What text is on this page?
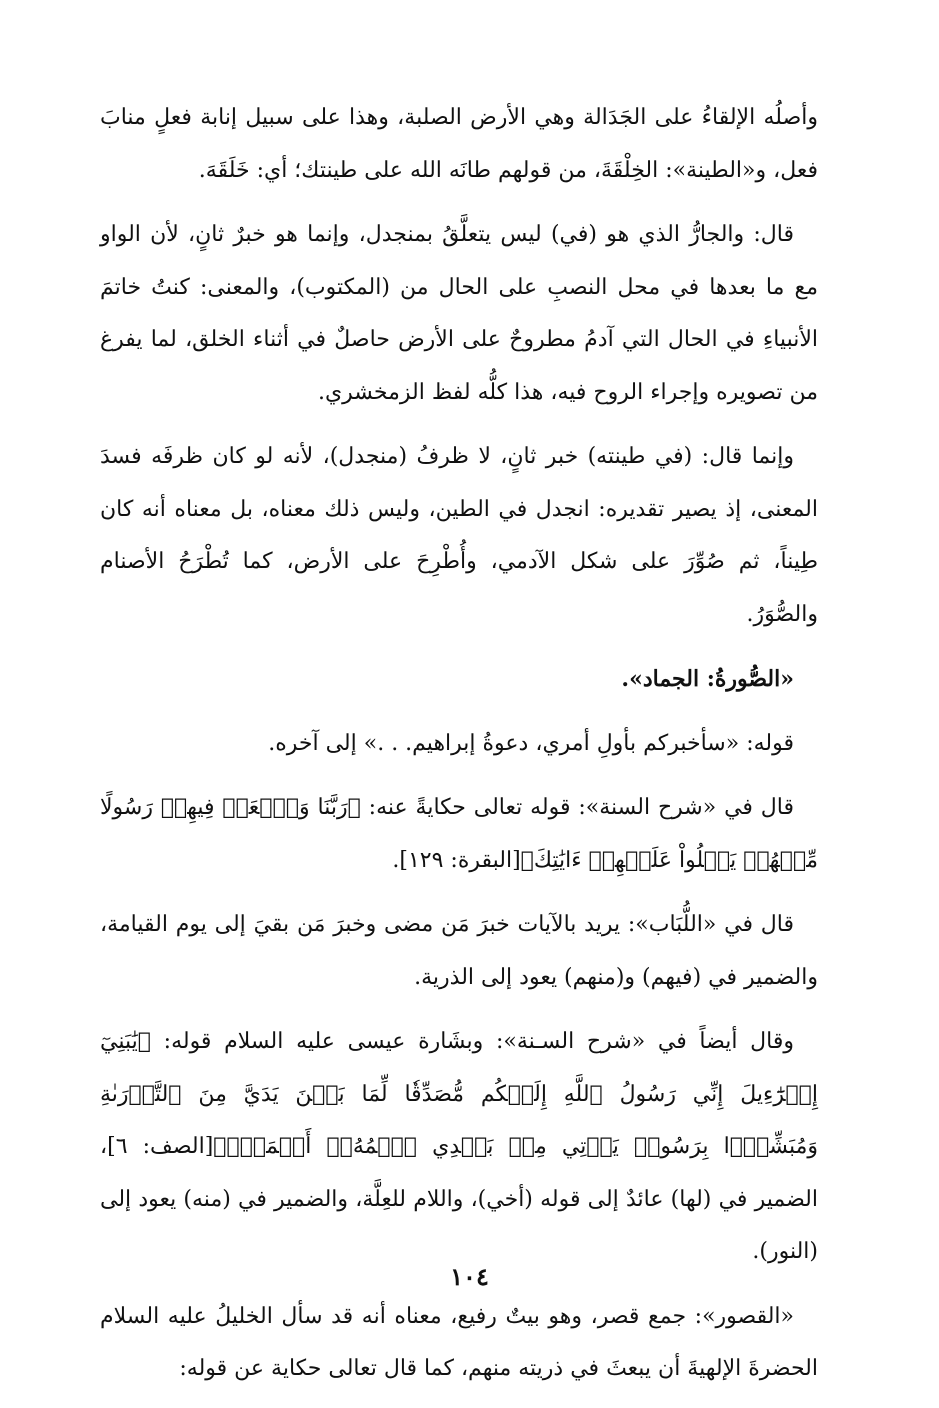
وأصلُه الإلقاءُ على الجَدَالة وهي الأرض الصلبة، وهذا على سبيل إنابة فعلٍ منابَ فعل، و«الطينة»: الخِلْقَةَ، من قولهم طانَه الله على طينتك؛ أي: خَلَقَهَ.

قال: والجارُّ الذي هو (في) ليس يتعلَّقُ بمنجدل، وإنما هو خبرٌ ثانٍ، لأن الواو مع ما بعدها في محل النصبِ على الحال من (المكتوب)، والمعنى: كنتُ خاتمَ الأنبياءِ في الحال التي آدمُ مطروحٌ على الأرض حاصلٌ في أثناء الخلق، لما يفرغ من تصويره وإجراء الروح فيه، هذا كلُّه لفظ الزمخشري.

وإنما قال: (في طينته) خبر ثانٍ، لا ظرفُ (منجدل)، لأنه لو كان ظرفَه فسدَ المعنى، إذ يصير تقديره: انجدل في الطين، وليس ذلك معناه، بل معناه أنه كان طِيناً، ثم صُوِّرَ على شكل الآدمي، وأُطْرِحَ على الأرض، كما تُطْرَحُ الأصنام والصُّوَرُ.

«الصُّورةُ: الجماد».

قوله: «سأخبركم بأولِ أمري، دعوةُ إبراهيم. . .» إلى آخره.

قال في «شرح السنة»: قوله تعالى حكايةً عنه: ﴿رَبَّنَا وَٱبۡعَثۡ فِيهِمۡ رَسُولًا مِّنۡهُمۡ يَتۡلُواْ عَلَيۡهِمۡ ءَايَٰتِكَ﴾[البقرة: ١٢٩].

قال في «اللُّبَاب»: يريد بالآيات خبرَ مَن مضى وخبرَ مَن بقيَ إلى يوم القيامة، والضمير في (فيهم) و(منهم) يعود إلى الذرية.

وقال أيضاً في «شرح السـنة»: وبشَارة عيسى عليه السلام قوله: ﴿يَٰبَنِيٓ إِسۡرَٰٓءِيلَ إِنِّي رَسُولُ ٱللَّهِ إِلَيۡكُم مُّصَدِّقٗا لِّمَا بَيۡنَ يَدَيَّ مِنَ ٱلتَّوۡرَىٰةِ وَمُبَشِّرَۢا بِرَسُولٖ يَأۡتِي مِنۢ بَعۡدِي ٱسۡمُهُۥٓ أَحۡمَدُۖ﴾[الصف: ٦]، الضمير في (لها) عائدٌ إلى قوله (أخي)، واللام للعِلَّة، والضمير في (منه) يعود إلى (النور).

«القصور»: جمع قصر، وهو بيتٌ رفيع، معناه أنه قد سأل الخليلُ عليه السلام الحضرةَ الإلهيةَ أن يبعثَ في ذريته منهم، كما قال تعالى حكاية عن قوله:

١٠٤
